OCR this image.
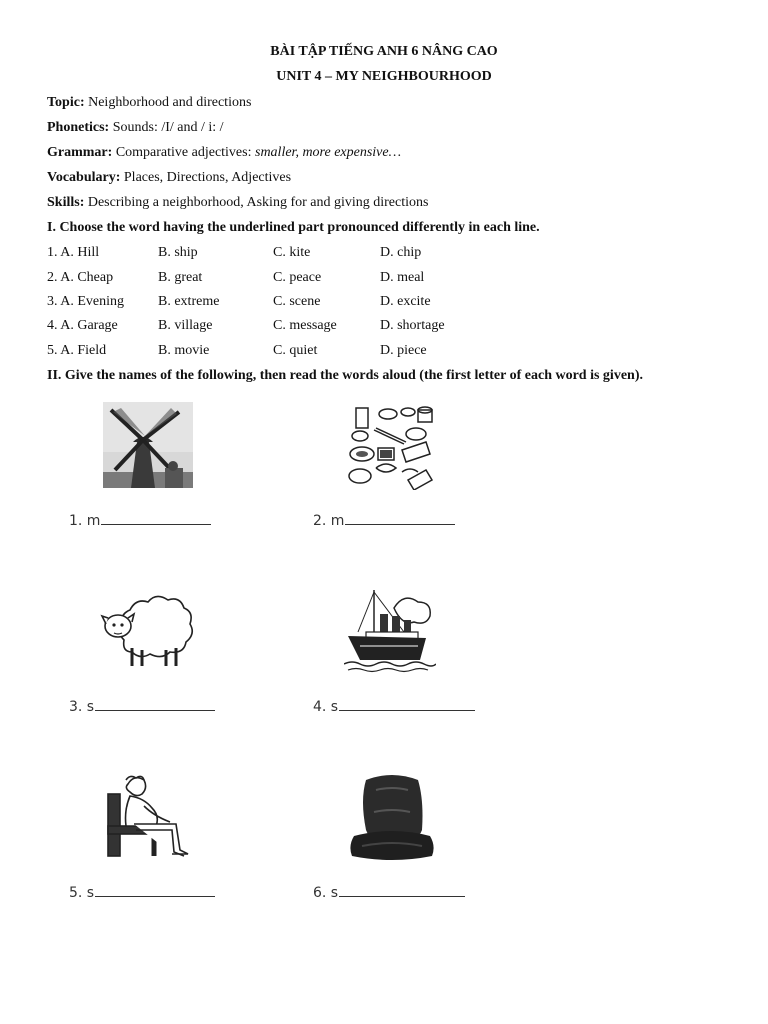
BÀI TẬP TIẾNG ANH 6 NÂNG CAO
UNIT 4 – MY NEIGHBOURHOOD
Topic: Neighborhood and directions
Phonetics: Sounds: /I/ and / i: /
Grammar: Comparative adjectives: smaller, more expensive…
Vocabulary: Places, Directions, Adjectives
Skills: Describing a neighborhood, Asking for and giving directions
I. Choose the word having the underlined part pronounced differently in each line.
1. A. Hill	B. ship	C. kite	D. chip
2. A. Cheap	B. great	C. peace	D. meal
3. A. Evening B. extreme	C. scene	D. excite
4. A. Garage	B. village	C. message	D. shortage
5. A. Field	B. movie	C. quiet	D. piece
II. Give the names of the following, then read the words aloud (the first letter of each word is given).
1. m	2. m
3. s	4. s
5. s	6. s
